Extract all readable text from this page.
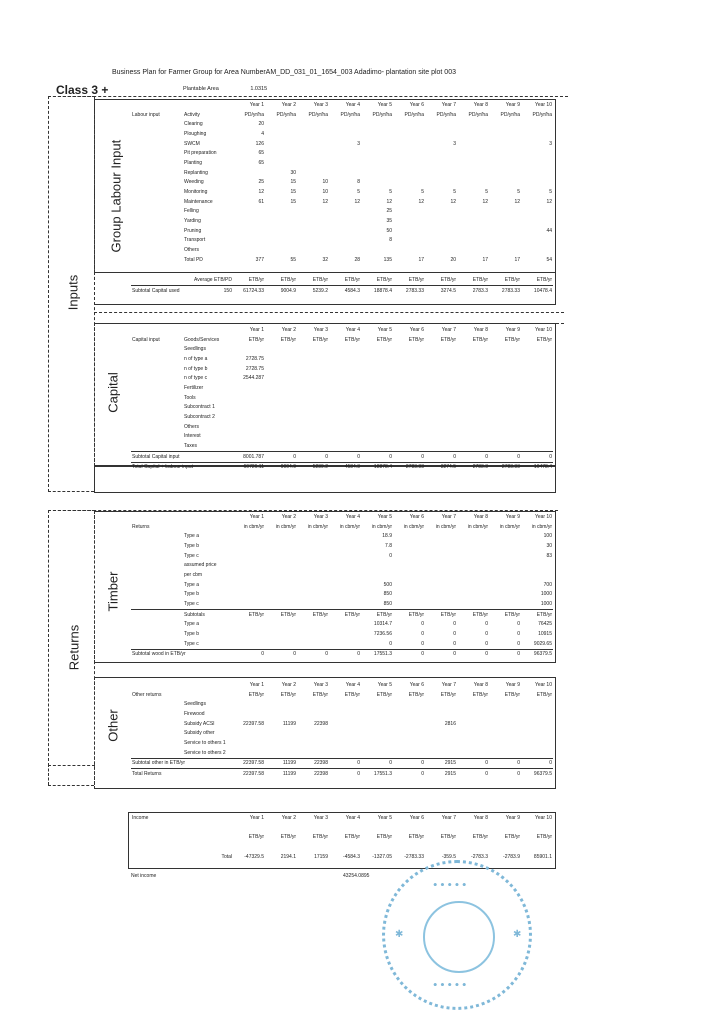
Business Plan for Farmer Group for Area NumberAM_DD_031_01_1654_003 Adadimo- plantation site plot 003
Class 3 +	Plantable Area	1.0315
Inputs
Group Labour Input
Capital
		Year 1	Year 2	Year 3	Year 4	Year 5	Year 6	Year 7	Year 8	Year 9	Year 10
Labour input	Activity	PD/yr/ha	PD/yr/ha	PD/yr/ha	PD/yr/ha	PD/yr/ha	PD/yr/ha	PD/yr/ha	PD/yr/ha	PD/yr/ha	PD/yr/ha
	Clearing	20									
	Ploughing	4									
	SWCM	126			3			3			3
	Pit preparation	65									
	Planting	65									
	Replanting		30								
	Weeding	25	15	10	8						
	Monitoring	12	15	10	5	5	5	5	5	5	5
	Maintenance	61	15	12	12	12	12	12	12	12	12
	Felling					25					
	Yarding					35					
	Pruning					50					44
	Transport					8					
	Others										
	Total PD	377	55	32	28	135	17	20	17	17	54
	Average ETB/PD	ETB/yr	ETB/yr	ETB/yr	ETB/yr	ETB/yr	ETB/yr	ETB/yr	ETB/yr	ETB/yr	ETB/yr
Subtotal Capital used	150	61724.33	9004.9	5239.2	4584.3	18878.4	2783.33	3274.5	2783.3	2783.33	10478.4
		Year 1	Year 2	Year 3	Year 4	Year 5	Year 6	Year 7	Year 8	Year 9	Year 10
Capital input	Goods/Services	ETB/yr	ETB/yr	ETB/yr	ETB/yr	ETB/yr	ETB/yr	ETB/yr	ETB/yr	ETB/yr	ETB/yr
	Seedlings										
	n of type a	2728.75									
	n of type b	2728.75									
	n of type c	2544.287									
	Fertilizer										
	Tools										
	Subcontract 1										
	Subcontract 2										
	Others										
	Interest										
	Taxes										
Subtotal Capital input		8001.787	0	0	0	0	0	0	0	0	0
Total Capital + Labour input		60726.11	9004.9	5239.2	4584.3	18878.4	2783.33	3274.5	2783.3	2783.33	10478.4
Returns
Timber
Other
		Year 1	Year 2	Year 3	Year 4	Year 5	Year 6	Year 7	Year 8	Year 9	Year 10
Returns		in cbm/yr	in cbm/yr	in cbm/yr	in cbm/yr	in cbm/yr	in cbm/yr	in cbm/yr	in cbm/yr	in cbm/yr	in cbm/yr
	Type a					18.9					100
	Type b					7.8					30
	Type c					0					83
	assumed price										
	per cbm										
	Type a					500					700
	Type b					850					1000
	Type c					850					1000
	Subtotals	ETB/yr	ETB/yr	ETB/yr	ETB/yr	ETB/yr	ETB/yr	ETB/yr	ETB/yr	ETB/yr	ETB/yr
	Type a					10314.7	0	0	0	0	76425
	Type b					7236.56	0	0	0	0	10915
	Type c					0	0	0	0	0	9029.65
Subtotal wood in ETB/yr		0	0	0	0	17551.3	0	0	0	0	96379.5
		Year 1	Year 2	Year 3	Year 4	Year 5	Year 6	Year 7	Year 8	Year 9	Year 10
Other returns		ETB/yr	ETB/yr	ETB/yr	ETB/yr	ETB/yr	ETB/yr	ETB/yr	ETB/yr	ETB/yr	ETB/yr
	Seedlings										
	Firewood										
	Subsidy ACSI	22397.58	11199	22398				2816			
	Subsidy other										
	Service to others 1										
	Service to others 2										
Subtotal other in ETB/yr		22397.58	11199	22398	0	0	0	2915	0	0	0
Total Returns		22397.58	11199	22398	0	17551.3	0	2915	0	0	96379.5
Income		Year 1	Year 2	Year 3	Year 4	Year 5	Year 6	Year 7	Year 8	Year 9	Year 10

		ETB/yr	ETB/yr	ETB/yr	ETB/yr	ETB/yr	ETB/yr	ETB/yr	ETB/yr	ETB/yr	ETB/yr

	Total	-47329.5	2194.1	17159	-4584.3	-1327.05	-2783.33	-359.5	-2783.3	-2783.9	85901.1
Net income	43254.0895
✱	✱
ꔷ ꔷ ꔷ ꔷ ꔷ
ꔷ ꔷ ꔷ ꔷ ꔷ
